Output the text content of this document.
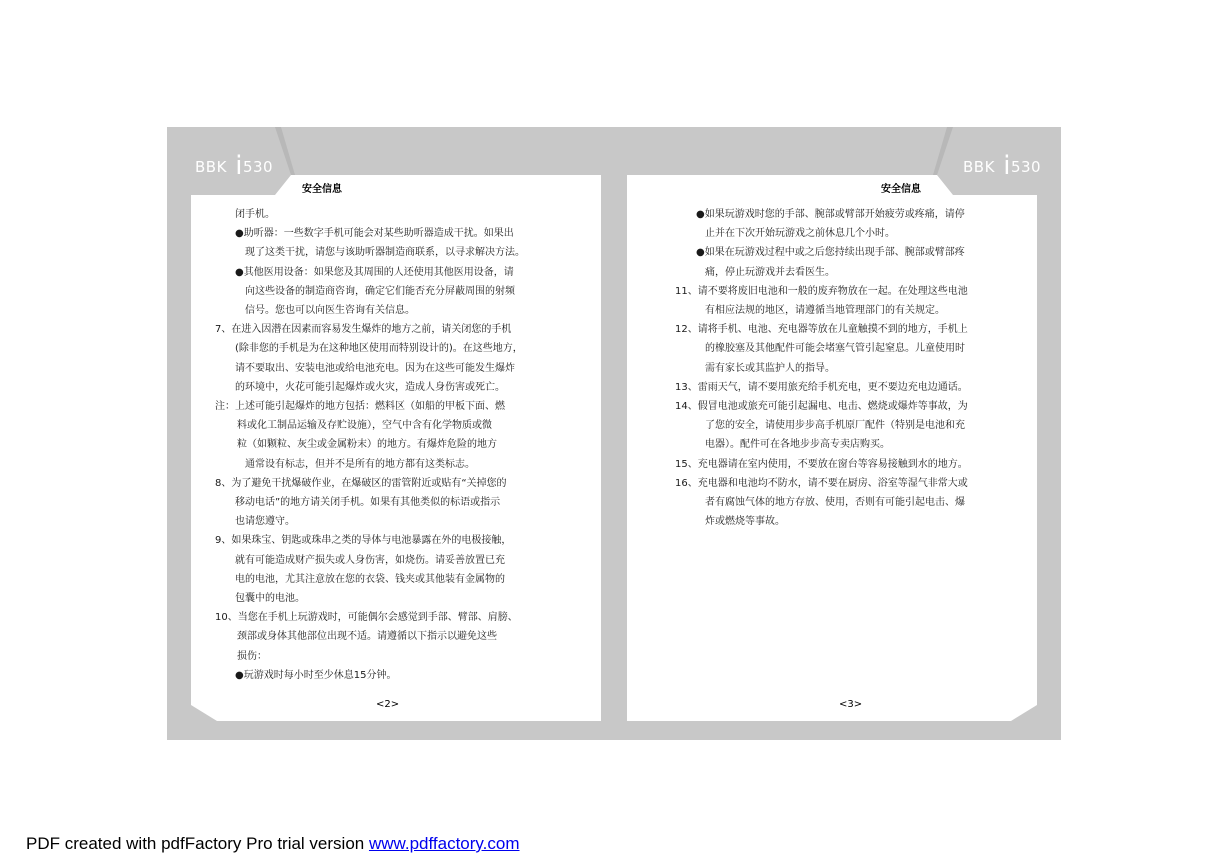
BBK i530	BBK i530
安全信息	安全信息
闭手机。
●助听器：一些数字手机可能会对某些助听器造成干扰。如果出
现了这类干扰，请您与该助听器制造商联系，以寻求解决方法。
●其他医用设备：如果您及其周围的人还使用其他医用设备，请
向这些设备的制造商咨询，确定它们能否充分屏蔽周围的射频
信号。您也可以向医生咨询有关信息。
7、在进入因潜在因素而容易发生爆炸的地方之前，请关闭您的手机
(除非您的手机是为在这种地区使用而特别设计的)。在这些地方，
请不要取出、安装电池或给电池充电。因为在这些可能发生爆炸
的环境中，火花可能引起爆炸或火灾，造成人身伤害或死亡。
注：上述可能引起爆炸的地方包括：燃料区（如船的甲板下面、燃
料或化工制品运输及存贮设施），空气中含有化学物质或微
粒（如颗粒、灰尘或金属粉末）的地方。有爆炸危险的地方
通常设有标志，但并不是所有的地方都有这类标志。
8、为了避免干扰爆破作业，在爆破区的雷管附近或贴有“关掉您的
移动电话”的地方请关闭手机。如果有其他类似的标语或指示
也请您遵守。
9、如果珠宝、钥匙或珠串之类的导体与电池暴露在外的电极接触，
就有可能造成财产损失或人身伤害，如烧伤。请妥善放置已充
电的电池，尤其注意放在您的衣袋、钱夹或其他装有金属物的
包囊中的电池。
10、当您在手机上玩游戏时，可能偶尔会感觉到手部、臂部、肩膀、
颈部或身体其他部位出现不适。请遵循以下指示以避免这些
损伤：
●玩游戏时每小时至少休息15分钟。
●如果玩游戏时您的手部、腕部或臂部开始疲劳或疼痛，请停
止并在下次开始玩游戏之前休息几个小时。
●如果在玩游戏过程中或之后您持续出现手部、腕部或臂部疼
痛，停止玩游戏并去看医生。
11、请不要将废旧电池和一般的废弃物放在一起。在处理这些电池
有相应法规的地区，请遵循当地管理部门的有关规定。
12、请将手机、电池、充电器等放在儿童触摸不到的地方，手机上
的橡胶塞及其他配件可能会堵塞气管引起窒息。儿童使用时
需有家长或其监护人的指导。
13、雷雨天气，请不要用旅充给手机充电，更不要边充电边通话。
14、假冒电池或旅充可能引起漏电、电击、燃烧或爆炸等事故，为
了您的安全，请使用步步高手机原厂配件（特别是电池和充
电器）。配件可在各地步步高专卖店购买。
15、充电器请在室内使用，不要放在窗台等容易接触到水的地方。
16、充电器和电池均不防水，请不要在厨房、浴室等湿气非常大或
者有腐蚀气体的地方存放、使用，否则有可能引起电击、爆
炸或燃烧等事故。
<2>	<3>
PDF created with pdfFactory Pro trial version www.pdffactory.com
